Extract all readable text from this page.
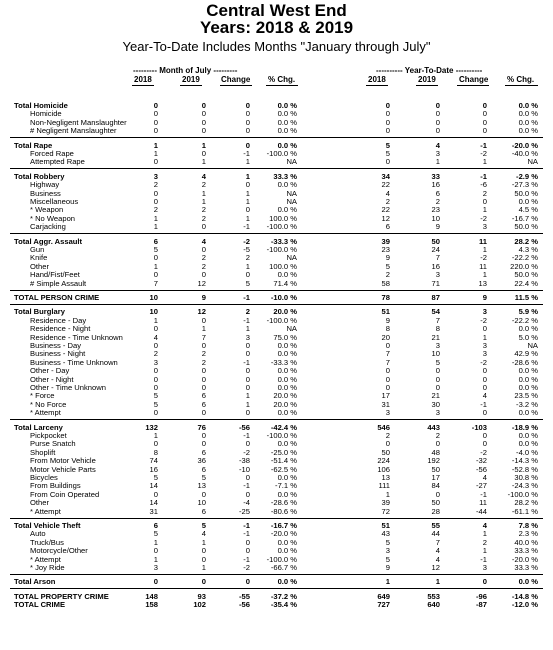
Central West End
Years: 2018 & 2019
Year-To-Date Includes Months "January through July"
--------- Month of July ---------	---------- Year-To-Date ----------
2018	2019	Change % Chg.	2018	2019	Change % Chg.
Total Homicide	0	0	0	0.0 %	0	0	0	0.0 %
Homicide	0	0	0	0.0 %	0	0	0	0.0 %
Non-Negligent Manslaughter	0	0	0	0.0 %	0	0	0	0.0 %
# Negligent Manslaughter	0	0	0	0.0 %	0	0	0	0.0 %
Total Rape	1	1	0	0.0 %	5	4	-1	-20.0 %
Forced Rape	1	0	-1 -100.0 %	5	3	-2	-40.0 %
Attempted Rape	0	1	1	NA	0	1	1	NA
Total Robbery	3	4	1	33.3 %	34	33	-1	-2.9 %
Highway	2	2	0	0.0 %	22	16	-6	-27.3 %
Business	0	1	1	NA	4	6	2	50.0 %
Miscellaneous	0	1	1	NA	2	2	0	0.0 %
* Weapon	2	2	0	0.0 %	22	23	1	4.5 %
* No Weapon	1	2	1	100.0 %	12	10	-2	-16.7 %
Carjacking	1	0	-1 -100.0 %	6	9	3	50.0 %
Total Aggr. Assault	6	4	-2	-33.3 %	39	50	11	28.2 %
Gun	5	0	-5 -100.0 %	23	24	1	4.3 %
Knife	0	2	2	NA	9	7	-2	-22.2 %
Other	1	2	1	100.0 %	5	16	11	220.0 %
Hand/Fist/Feet	0	0	0	0.0 %	2	3	1	50.0 %
# Simple Assault	7	12	5	71.4 %	58	71	13	22.4 %
TOTAL PERSON CRIME	10	9	-1	-10.0 %	78	87	9	11.5 %
Total Burglary	10	12	2	20.0 %	51	54	3	5.9 %
Residence - Day	1	0	-1 -100.0 %	9	7	-2	-22.2 %
Residence - Night	0	1	1	NA	8	8	0	0.0 %
Residence - Time Unknown	4	7	3	75.0 %	20	21	1	5.0 %
Business - Day	0	0	0	0.0 %	0	3	3	NA
Business - Night	2	2	0	0.0 %	7	10	3	42.9 %
Business - Time Unknown	3	2	-1	-33.3 %	7	5	-2	-28.6 %
Other - Day	0	0	0	0.0 %	0	0	0	0.0 %
Other - Night	0	0	0	0.0 %	0	0	0	0.0 %
Other - Time Unknown	0	0	0	0.0 %	0	0	0	0.0 %
* Force	5	6	1	20.0 %	17	21	4	23.5 %
* No Force	5	6	1	20.0 %	31	30	-1	-3.2 %
* Attempt	0	0	0	0.0 %	3	3	0	0.0 %
Total Larceny	132	76	-56	-42.4 %	546	443	-103	-18.9 %
Pickpocket	1	0	-1 -100.0 %	2	2	0	0.0 %
Purse Snatch	0	0	0	0.0 %	0	0	0	0.0 %
Shoplift	8	6	-2	-25.0 %	50	48	-2	-4.0 %
From Motor Vehicle	74	36	-38	-51.4 %	224	192	-32	-14.3 %
Motor Vehicle Parts	16	6	-10	-62.5 %	106	50	-56	-52.8 %
Bicycles	5	5	0	0.0 %	13	17	4	30.8 %
From Buildings	14	13	-1	-7.1 %	111	84	-27	-24.3 %
From Coin Operated	0	0	0	0.0 %	1	0	-1	-100.0 %
Other	14	10	-4	-28.6 %	39	50	11	28.2 %
* Attempt	31	6	-25	-80.6 %	72	28	-44	-61.1 %
Total Vehicle Theft	6	5	-1	-16.7 %	51	55	4	7.8 %
Auto	5	4	-1	-20.0 %	43	44	1	2.3 %
Truck/Bus	1	1	0	0.0 %	5	7	2	40.0 %
Motorcycle/Other	0	0	0	0.0 %	3	4	1	33.3 %
* Attempt	1	0	-1 -100.0 %	5	4	-1	-20.0 %
* Joy Ride	3	1	-2	-66.7 %	9	12	3	33.3 %
Total Arson	0	0	0	0.0 %	1	1	0	0.0 %
TOTAL PROPERTY CRIME	148	93	-55	-37.2 %	649	553	-96	-14.8 %
TOTAL CRIME	158	102	-56	-35.4 %	727	640	-87	-12.0 %
